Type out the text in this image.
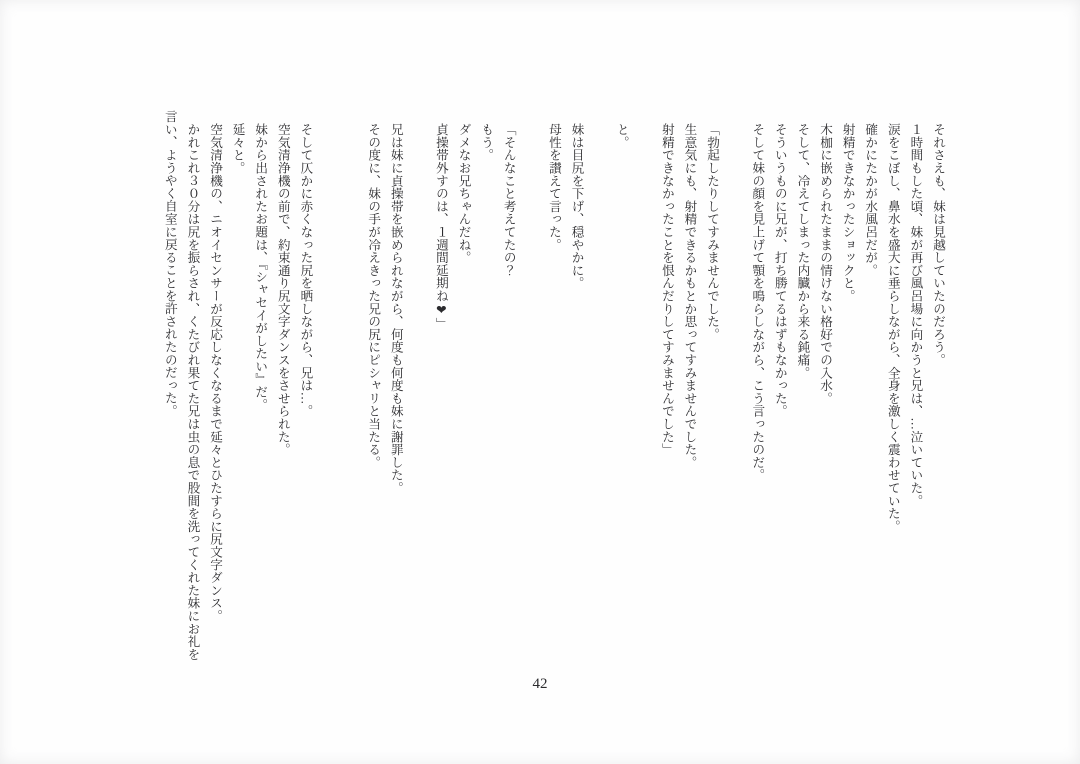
それさえも、妹は見越していたのだろう。

１時間もした頃、妹が再び風呂場に向かうと兄は、…泣いていた。

涙をこぼし、鼻水を盛大に垂らしながら、全身を激しく震わせていた。

確かにたかが水風呂だが。

射精できなかったショックと。

木枷に嵌められたままの情けない格好での入水。

そして、冷えてしまった内臓から来る鈍痛。

そういうものに兄が、打ち勝てるはずもなかった。

そして妹の顔を見上げて顎を鳴らしながら、こう言ったのだ。

「勃起したりしてすみませんでした。

生意気にも、射精できるかもとか思ってすみませんでした。

射精できなかったことを恨んだりしてすみませんでした」

と。

妹は目尻を下げ、穏やかに。

母性を讃えて言った。

「そんなこと考えてたの？

もう。

ダメなお兄ちゃんだね。

貞操帯外すのは、１週間延期ね❤」

兄は妹に貞操帯を嵌められながら、何度も何度も妹に謝罪した。

その度に、妹の手が冷えきった兄の尻にピシャリと当たる。

そして仄かに赤くなった尻を晒しながら、兄は…。

空気清浄機の前で、約束通り尻文字ダンスをさせられた。

妹から出されたお題は、『シャセイがしたい』だ。

延々と。

空気清浄機の、ニオイセンサーが反応しなくなるまで延々とひたすらに尻文字ダンス。

かれこれ３０分は尻を振らされ、くたびれ果てた兄は虫の息で股間を洗ってくれた妹にお礼を言い、ようやく自室に戻ることを許されたのだった。

42
